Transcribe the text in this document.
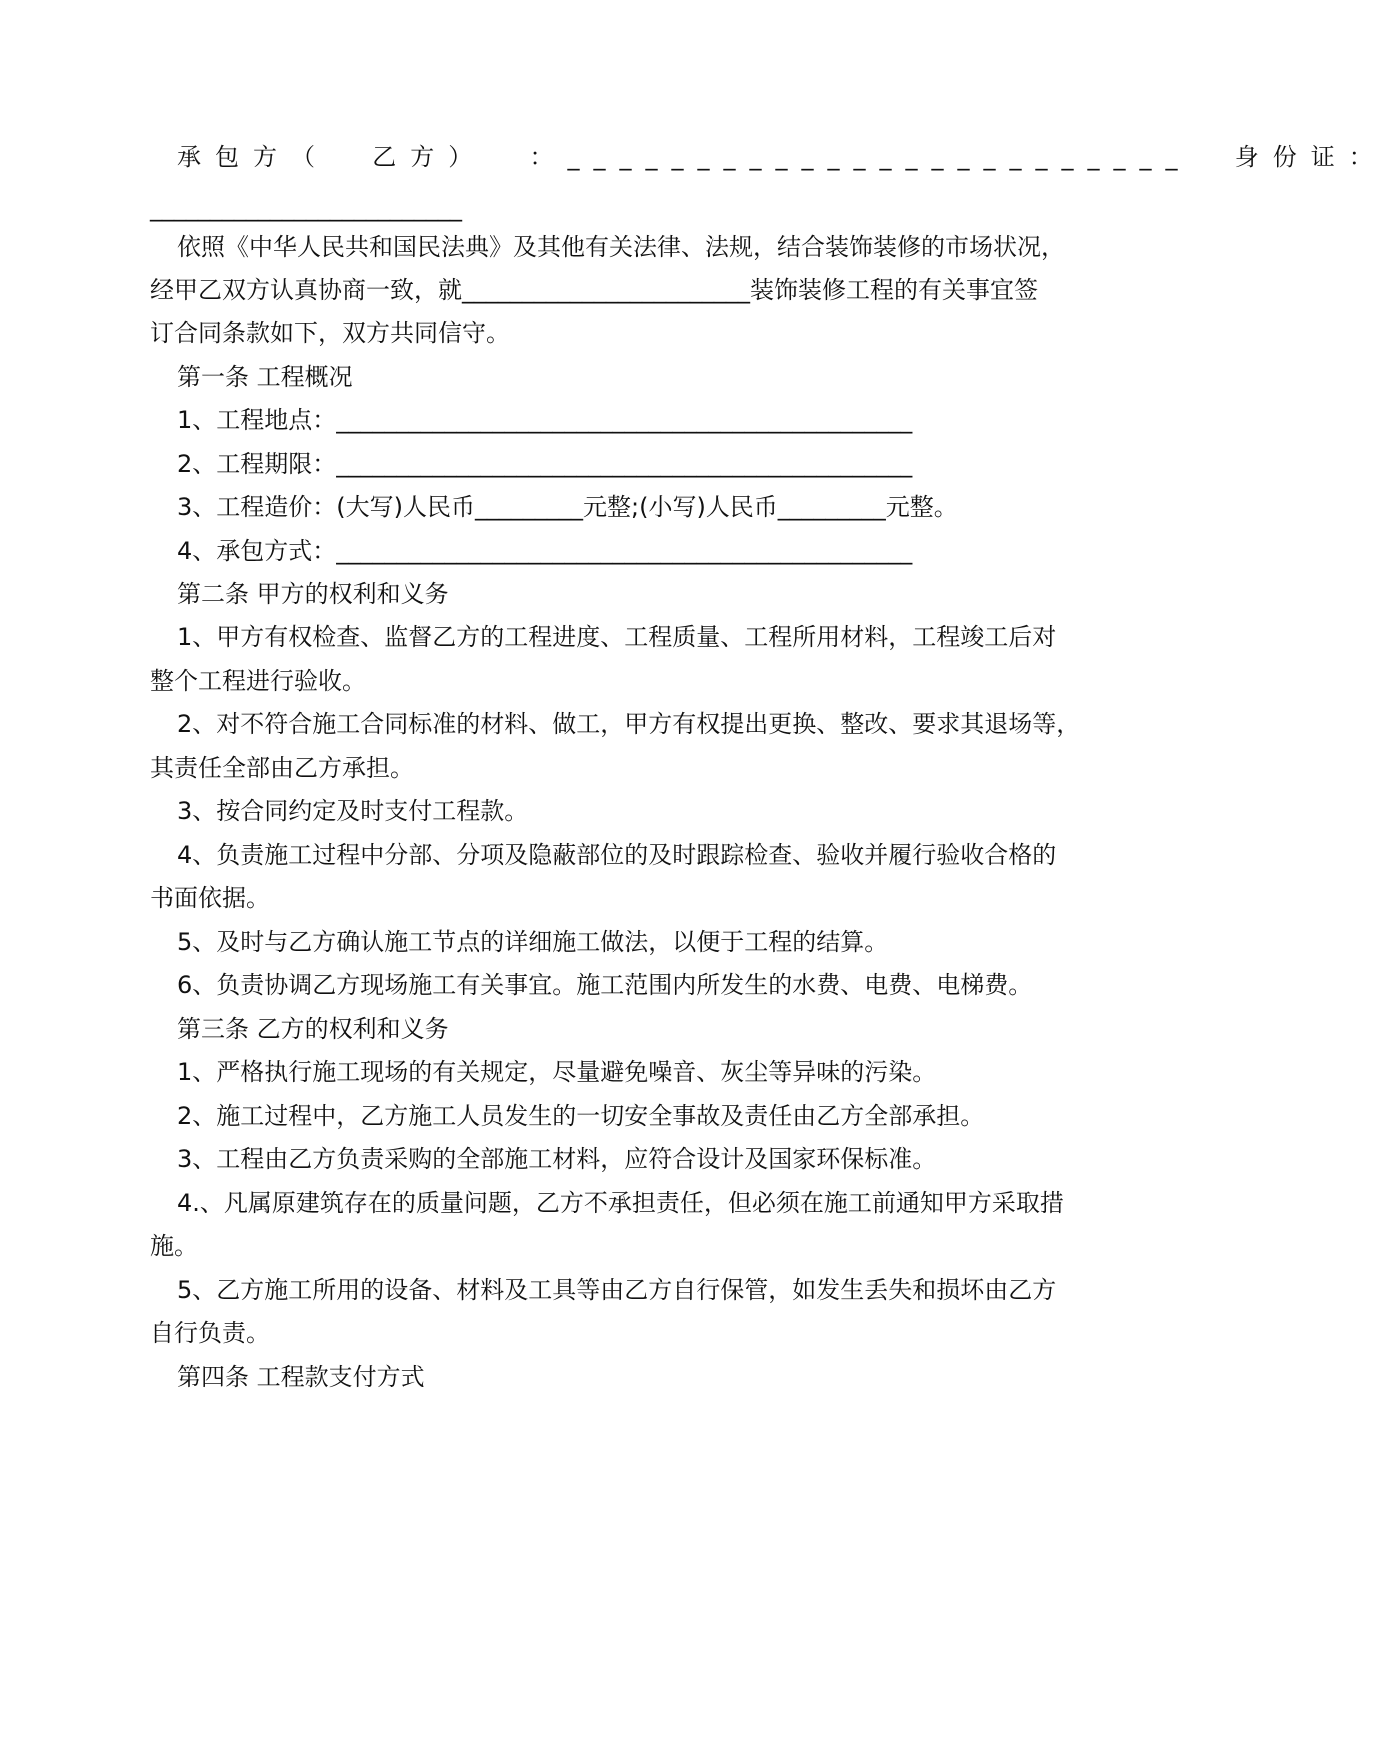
承包方（  乙方）  ：________________________  身份证：
__________________________
依照《中华人民共和国民法典》及其他有关法律、法规，结合装饰装修的市场状况，
经甲乙双方认真协商一致，就________________________装饰装修工程的有关事宜签
订合同条款如下，双方共同信守。
第一条 工程概况
1、工程地点：________________________________________________
2、工程期限：________________________________________________
3、工程造价：(大写)人民币_________元整;(小写)人民币_________元整。
4、承包方式：________________________________________________
第二条 甲方的权利和义务
1、甲方有权检查、监督乙方的工程进度、工程质量、工程所用材料，工程竣工后对
整个工程进行验收。
2、对不符合施工合同标准的材料、做工，甲方有权提出更换、整改、要求其退场等，
其责任全部由乙方承担。
3、按合同约定及时支付工程款。
4、负责施工过程中分部、分项及隐蔽部位的及时跟踪检查、验收并履行验收合格的
书面依据。
5、及时与乙方确认施工节点的详细施工做法，以便于工程的结算。
6、负责协调乙方现场施工有关事宜。施工范围内所发生的水费、电费、电梯费。
第三条 乙方的权利和义务
1、严格执行施工现场的有关规定，尽量避免噪音、灰尘等异味的污染。
2、施工过程中，乙方施工人员发生的一切安全事故及责任由乙方全部承担。
3、工程由乙方负责采购的全部施工材料，应符合设计及国家环保标准。
4.、凡属原建筑存在的质量问题，乙方不承担责任，但必须在施工前通知甲方采取措
施。
5、乙方施工所用的设备、材料及工具等由乙方自行保管，如发生丢失和损坏由乙方
自行负责。
第四条 工程款支付方式
